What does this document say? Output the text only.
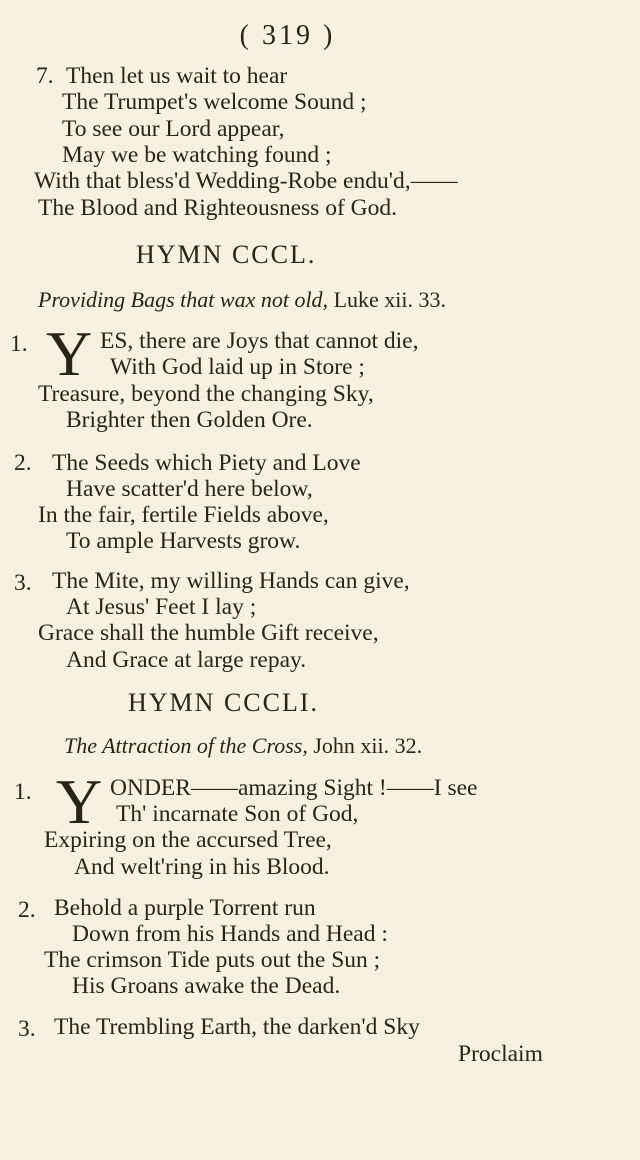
( 319 )
7. Then let us wait to hear
The Trumpet's welcome Sound ;
To see our Lord appear,
May we be watching found ;
With that bless'd Wedding-Robe endu'd,——
The Blood and Righteousness of God.
HYMN CCCL.
Providing Bags that wax not old, Luke xii. 33.
1. Y ES, there are Joys that cannot die,
With God laid up in Store ;
Treasure, beyond the changing Sky,
Brighter then Golden Ore.
2. The Seeds which Piety and Love
Have scatter'd here below,
In the fair, fertile Fields above,
To ample Harvests grow.
3. The Mite, my willing Hands can give,
At Jesus' Feet I lay ;
Grace shall the humble Gift receive,
And Grace at large repay.
HYMN CCCLI.
The Attraction of the Cross, John xii. 32.
1. Y ONDER——amazing Sight !——I see
Th' incarnate Son of God,
Expiring on the accursed Tree,
And welt'ring in his Blood.
2. Behold a purple Torrent run
Down from his Hands and Head :
The crimson Tide puts out the Sun ;
His Groans awake the Dead.
3. The Trembling Earth, the darken'd Sky
Proclaim
